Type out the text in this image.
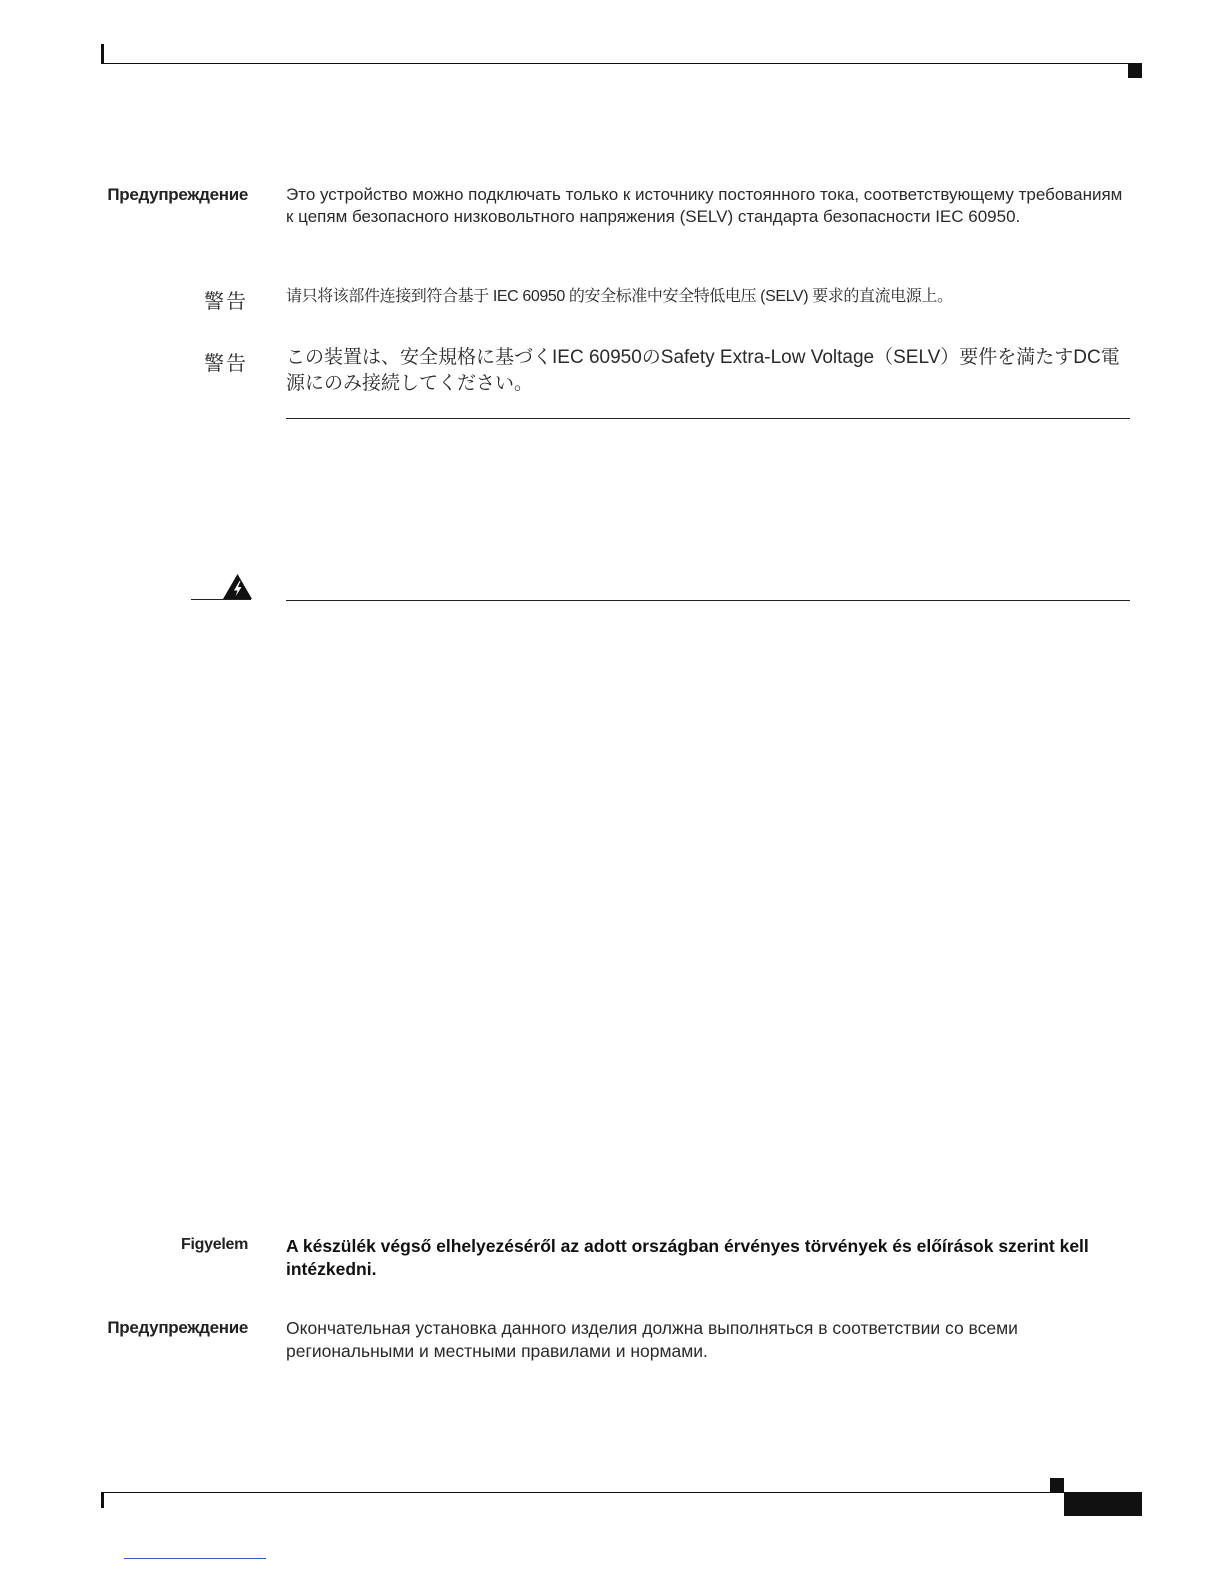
Предупреждение Это устройство можно подключать только к источнику постоянного тока, соответствующему требованиям к цепям безопасного низковольтного напряжения (SELV) стандарта безопасности IEC 60950.
警告 请只将该部件连接到符合基于 IEC 60950 的安全标准中安全特低电压 (SELV) 要求的直流电源上。
警告 この装置は、安全規格に基づくIEC 60950のSafety Extra-Low Voltage（SELV）要件を満たすDC電源にのみ接続してください。
Figyelem A készülék végső elhelyezéséről az adott országban érvényes törvények és előírások szerint kell intézkedni.
Предупреждение Окончательная установка данного изделия должна выполняться в соответствии со всеми региональными и местными правилами и нормами.
